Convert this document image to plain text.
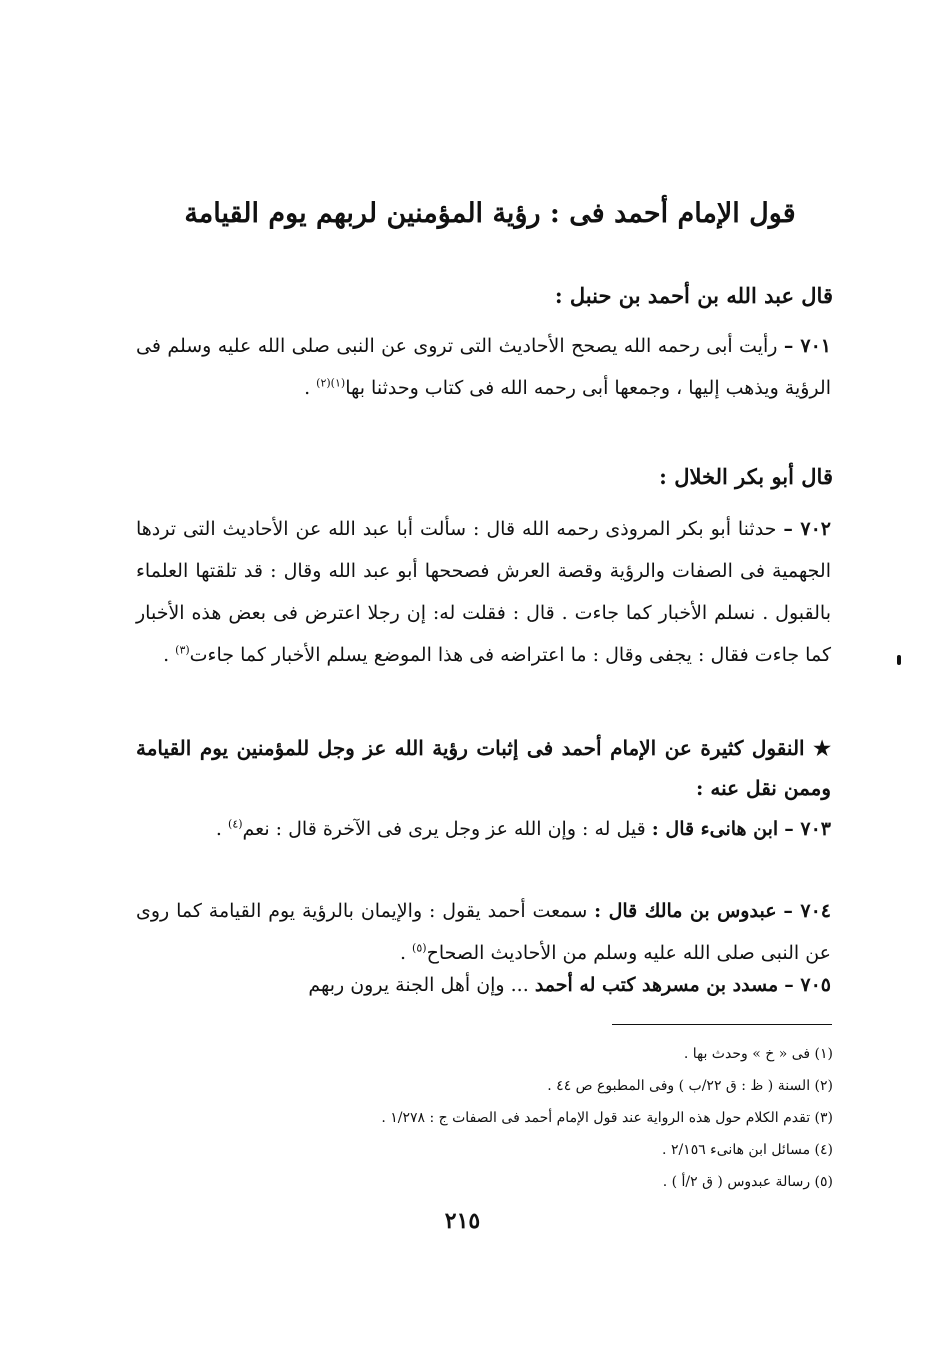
قول الإمام أحمد فى : رؤية المؤمنين لربهم يوم القيامة
قال عبد الله بن أحمد بن حنبل :
٧٠١ – رأيت أبى رحمه الله يصحح الأحاديث التى تروى عن النبى صلى الله عليه وسلم فى الرؤية ويذهب إليها ، وجمعها أبى رحمه الله فى كتاب وحدثنا بها$^{(١)(٢)}$ .
قال أبو بكر الخلال :
٧٠٢ – حدثنا أبو بكر المروذى رحمه الله قال : سألت أبا عبد الله عن الأحاديث التى تردها الجهمية فى الصفات والرؤية وقصة العرش فصححها أبو عبد الله وقال : قد تلقتها العلماء بالقبول . نسلم الأخبار كما جاءت . قال : فقلت له: إن رجلا اعترض فى بعض هذه الأخبار كما جاءت فقال : يجفى وقال : ما اعتراضه فى هذا الموضع يسلم الأخبار كما جاءت$^{(٣)}$ .
★ النقول كثيرة عن الإمام أحمد فى إثبات رؤية الله عز وجل للمؤمنين يوم القيامة وممن نقل عنه :
٧٠٣ – ابن هانىء قال : قيل له : وإن الله عز وجل يرى فى الآخرة قال : نعم$^{(٤)}$ .
٧٠٤ – عبدوس بن مالك قال : سمعت أحمد يقول : والإيمان بالرؤية يوم القيامة كما روى عن النبى صلى الله عليه وسلم من الأحاديث الصحاح$^{(٥)}$ .
٧٠٥ – مسدد بن مسرهد كتب له أحمد ... وإن أهل الجنة يرون ربهم
(١) فى « خ » وحدث بها .
(٢) السنة ( ظ : ق ٢٢/ب ) وفى المطبوع ص ٤٤ .
(٣) تقدم الكلام حول هذه الرواية عند قول الإمام أحمد فى الصفات ج : ١/٢٧٨ .
(٤) مسائل ابن هانىء ٢/١٥٦ .
(٥) رسالة عبدوس ( ق ٢/أ ) .
٢١٥
